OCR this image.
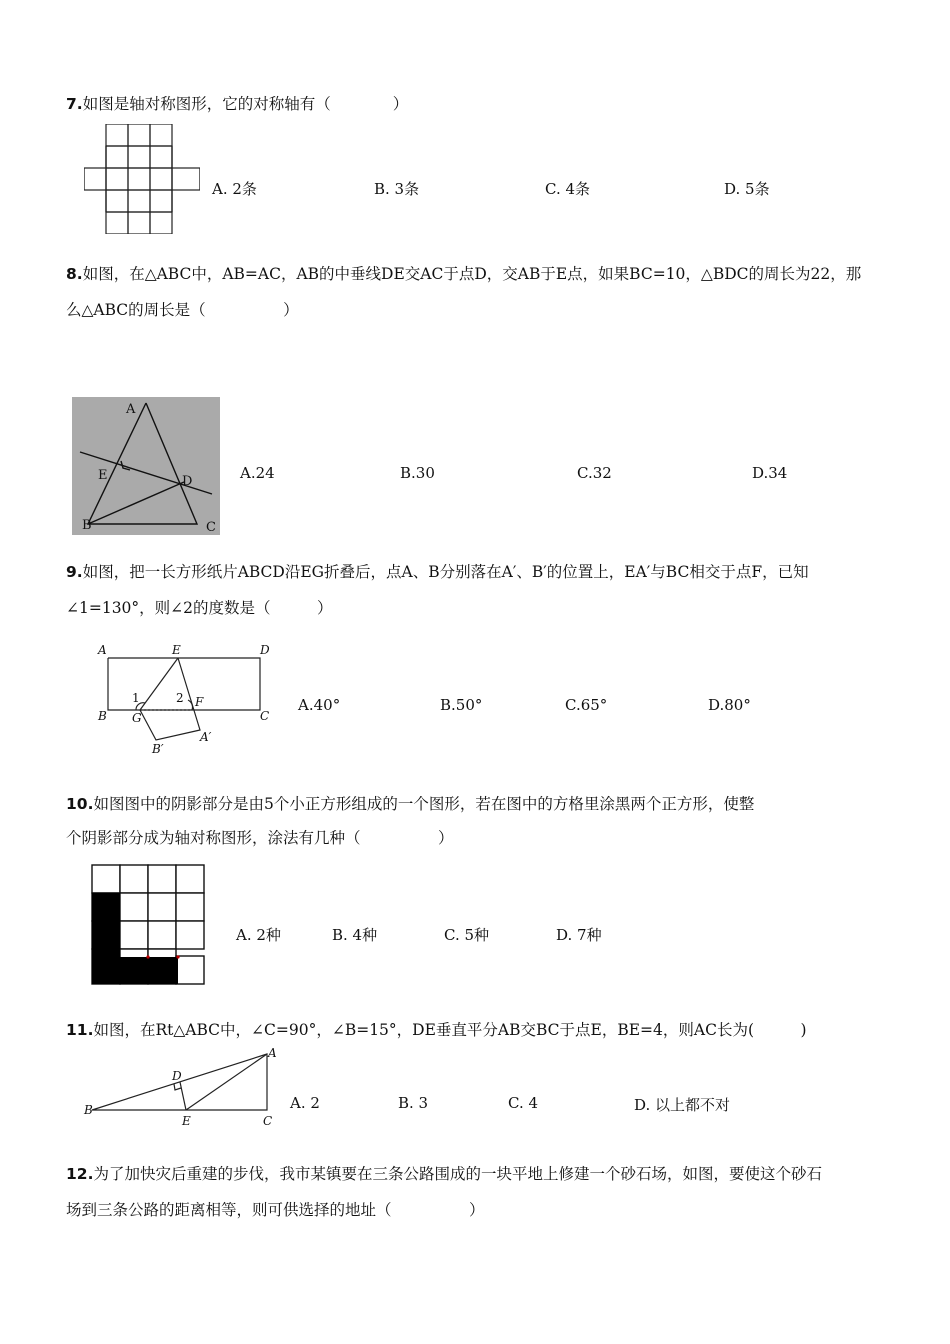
7.如图是轴对称图形，它的对称轴有（　　　　）
A. 2条	B. 3条	C. 4条	D. 5条
8.如图，在△ABC中，AB=AC，AB的中垂线DE交AC于点D，交AB于E点，如果BC=10，△BDC的周长为22，那
么△ABC的周长是（　　　　　）
A
E	D
B	C
A.24	B.30	C.32	D.34
9.如图，把一长方形纸片ABCD沿EG折叠后，点A、B分别落在A′、B′的位置上，EA′与BC相交于点F，已知
∠1=130°，则∠2的度数是（　　　）
A	E	D
B	C
G
F
B′
A′
1	2	A.40°	B.50°	C.65°	D.80°
10.如图图中的阴影部分是由5个小正方形组成的一个图形，若在图中的方格里涂黑两个正方形，使整
个阴影部分成为轴对称图形，涂法有几种（　　　　　）
A. 2种	B. 4种	C. 5种	D. 7种
11.如图，在Rt△ABC中，∠C=90°，∠B=15°，DE垂直平分AB交BC于点E，BE=4，则AC长为(　　　)
B
A
D
E	C
A. 2	B. 3	C. 4	D. 以上都不对
12.为了加快灾后重建的步伐，我市某镇要在三条公路围成的一块平地上修建一个砂石场，如图，要使这个砂石
场到三条公路的距离相等，则可供选择的地址（　　　　　）
